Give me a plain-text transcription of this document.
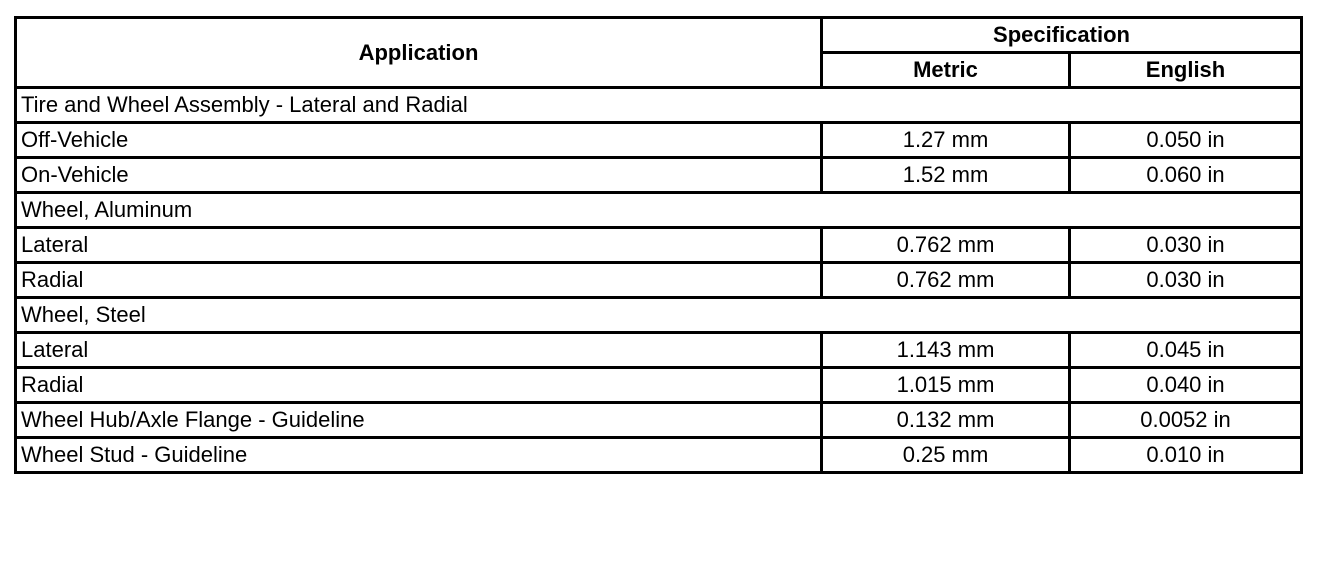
Application	Specification	
	Metric	English
Tire and Wheel Assembly - Lateral and Radial		
Off-Vehicle	1.27 mm	0.050 in
On-Vehicle	1.52 mm	0.060 in
Wheel, Aluminum		
Lateral	0.762 mm	0.030 in
Radial	0.762 mm	0.030 in
Wheel, Steel		
Lateral	1.143 mm	0.045 in
Radial	1.015 mm	0.040 in
Wheel Hub/Axle Flange - Guideline	0.132 mm	0.0052 in
Wheel Stud - Guideline	0.25 mm	0.010 in
